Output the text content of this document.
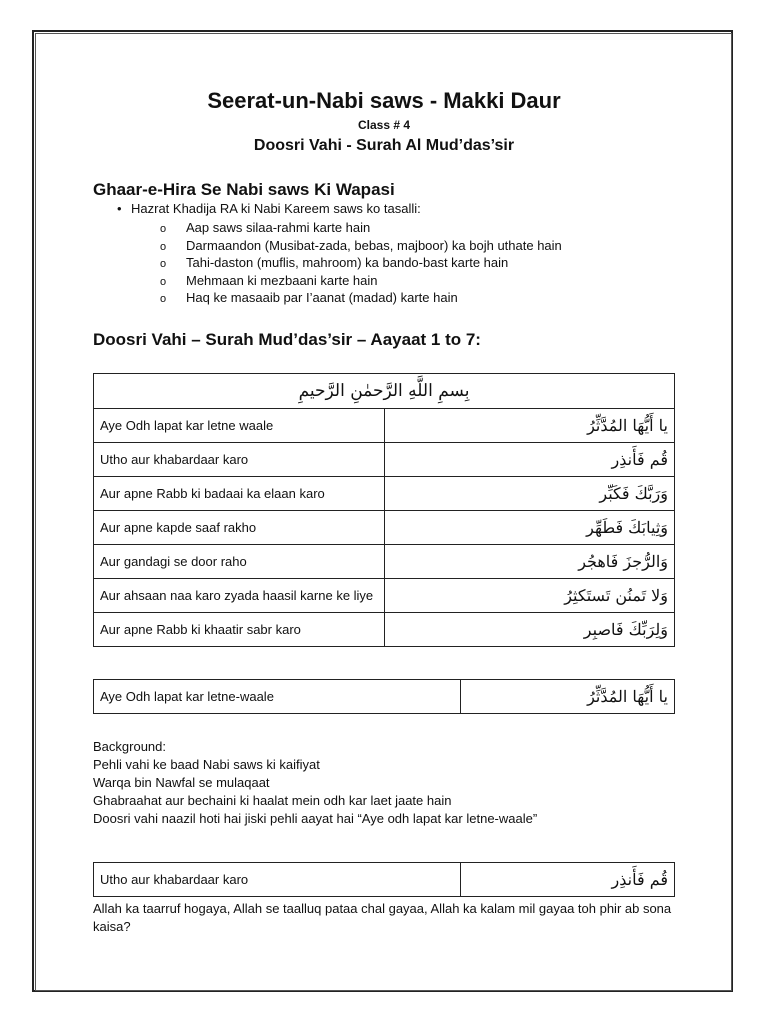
Seerat-un-Nabi saws - Makki Daur
Class # 4
Doosri Vahi - Surah Al Mud’das’sir
Ghaar-e-Hira Se Nabi saws Ki Wapasi
• Hazrat Khadija RA ki Nabi Kareem saws ko tasalli:
o Aap saws silaa-rahmi karte hain
o Darmaandon (Musibat-zada, bebas, majboor) ka bojh uthate hain
o Tahi-daston (muflis, mahroom) ka bando-bast karte hain
o Mehmaan ki mezbaani karte hain
o Haq ke masaaib par I’aanat (madad) karte hain
Doosri Vahi – Surah Mud’das’sir – Aayaat 1 to 7:
بِسمِ اللَّهِ الرَّحمٰنِ الرَّحيمِ	
Aye Odh lapat kar letne waale	يا أَيُّهَا المُدَّثِّرُ
Utho aur khabardaar karo	قُم فَأَنذِر
Aur apne Rabb ki badaai ka elaan karo	وَرَبَّكَ فَكَبِّر
Aur apne kapde saaf rakho	وَثِيابَكَ فَطَهِّر
Aur gandagi se door raho	وَالرُّجزَ فَاهجُر
Aur ahsaan naa karo zyada haasil karne ke liye	وَلا تَمنُن تَستَكثِرُ
Aur apne Rabb ki khaatir sabr karo	وَلِرَبِّكَ فَاصبِر
Aye Odh lapat kar letne-waale	يا أَيُّهَا المُدَّثِّرُ
Background:
Pehli vahi ke baad Nabi saws ki kaifiyat
Warqa bin Nawfal se mulaqaat
Ghabraahat aur bechaini ki haalat mein odh kar laet jaate hain
Doosri vahi naazil hoti hai jiski pehli aayat hai “Aye odh lapat kar letne-waale”
Utho aur khabardaar karo	قُم فَأَنذِر
Allah ka taarruf hogaya, Allah se taalluq pataa chal gayaa, Allah ka kalam mil gayaa toh phir ab sona kaisa?
